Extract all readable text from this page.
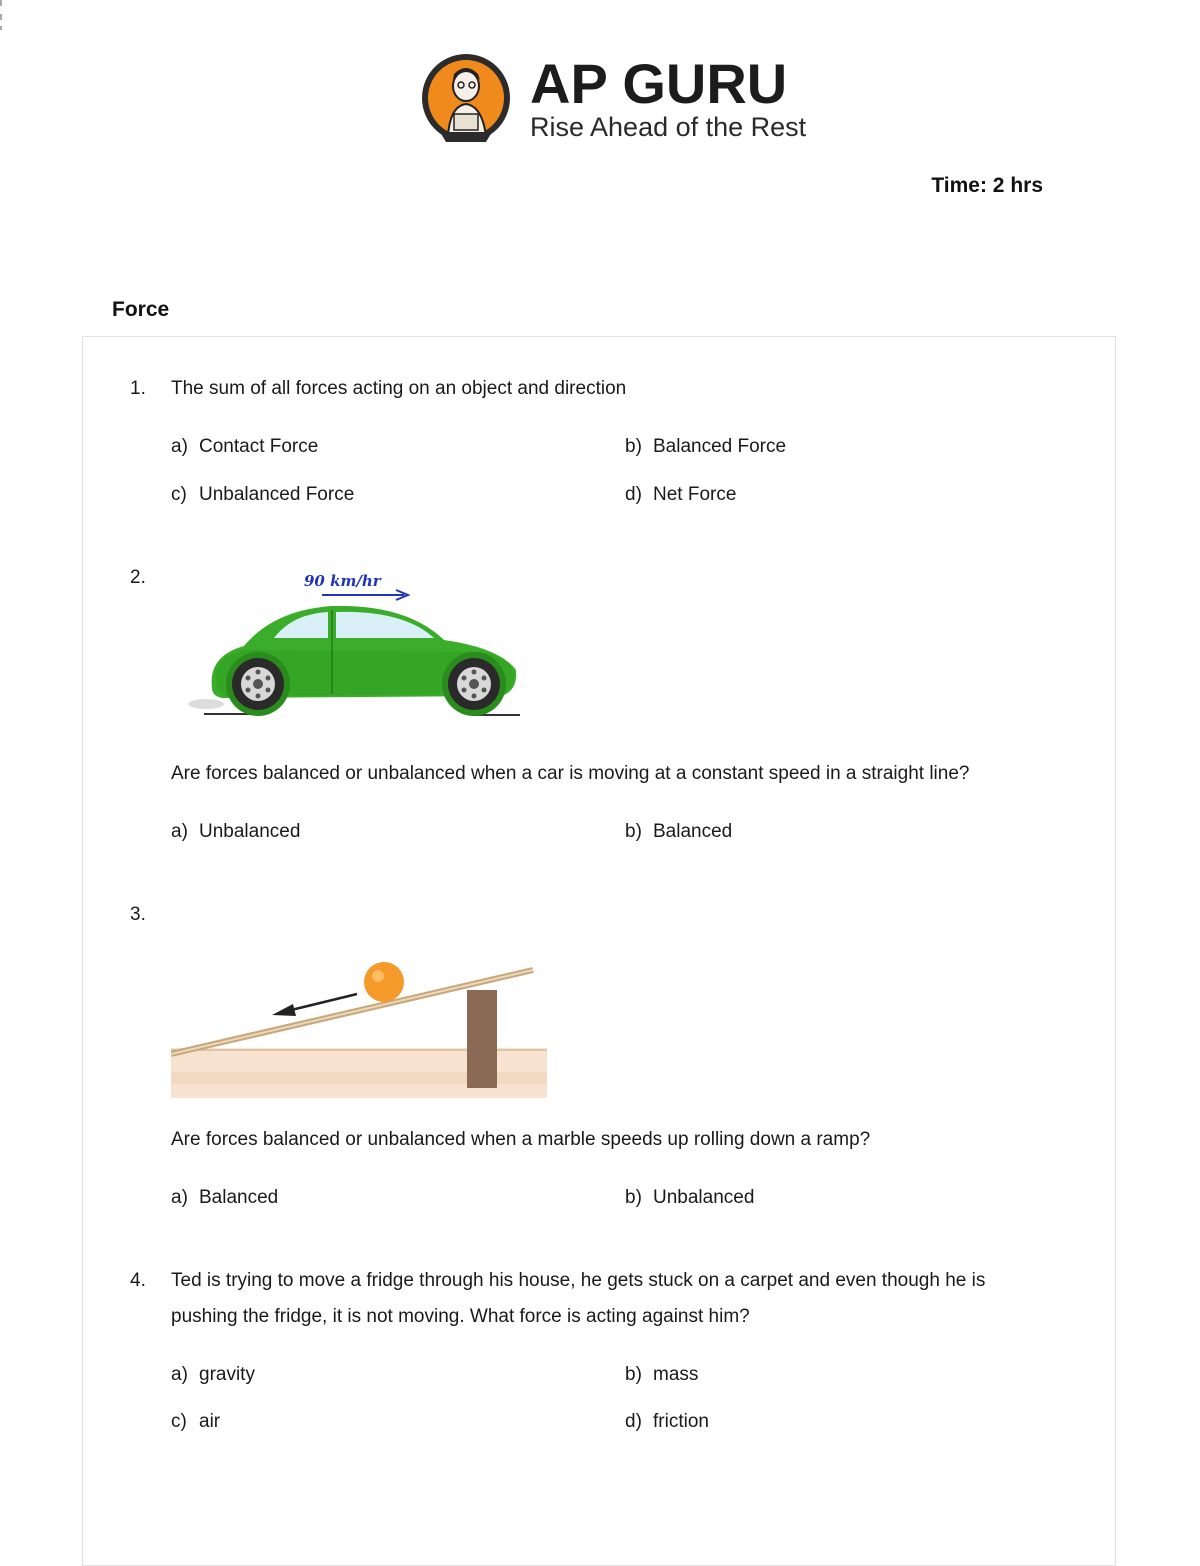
AP GURU
Rise Ahead of the Rest
Time: 2 hrs
Force
1. The sum of all forces acting on an object and direction
a) Contact Force	b) Balanced Force
c) Unbalanced Force	d) Net Force
2.	90 km/hr
Are forces balanced or unbalanced when a car is moving at a constant speed in a straight line?
a) Unbalanced	b) Balanced
3.
Are forces balanced or unbalanced when a marble speeds up rolling down a ramp?
a) Balanced	b) Unbalanced
4. Ted is trying to move a fridge through his house, he gets stuck on a carpet and even though he is
pushing the fridge, it is not moving. What force is acting against him?
a) gravity	b) mass
c) air	d) friction
